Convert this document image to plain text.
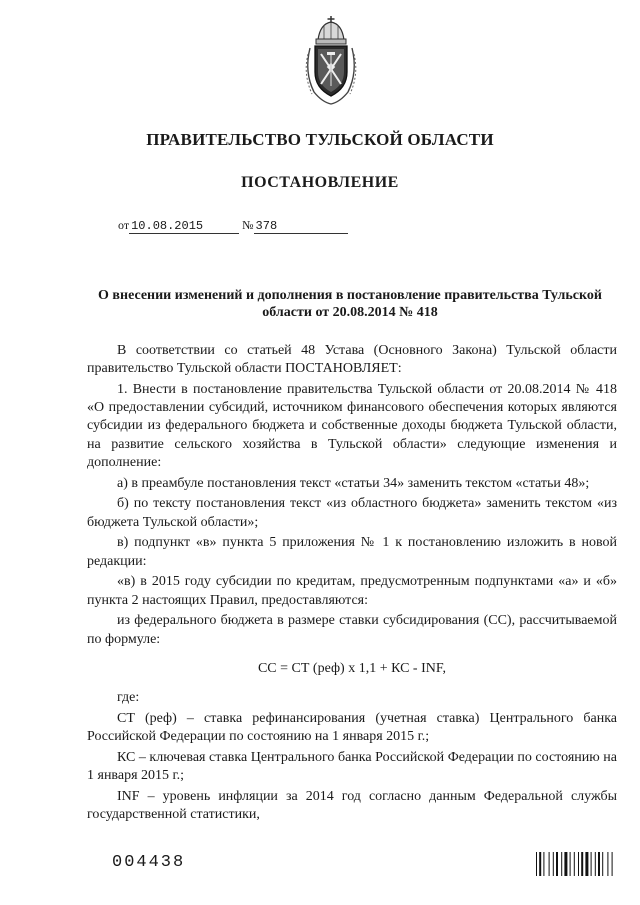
ПРАВИТЕЛЬСТВО ТУЛЬСКОЙ ОБЛАСТИ
ПОСТАНОВЛЕНИЕ
от 10.08.2015	№ 378
О внесении изменений и дополнения в постановление правительства Тульской области от 20.08.2014 № 418

В соответствии со статьей 48 Устава (Основного Закона) Тульской области правительство Тульской области ПОСТАНОВЛЯЕТ:

1. Внести в постановление правительства Тульской области от 20.08.2014 № 418 «О предоставлении субсидий, источником финансового обеспечения которых являются субсидии из федерального бюджета и собственные доходы бюджета Тульской области, на развитие сельского хозяйства в Тульской области» следующие изменения и дополнение:

а) в преамбуле постановления текст «статьи 34» заменить текстом «статьи 48»;

б) по тексту постановления текст «из областного бюджета» заменить текстом «из бюджета Тульской области»;

в) подпункт «в» пункта 5 приложения № 1 к постановлению изложить в новой редакции:

«в) в 2015 году субсидии по кредитам, предусмотренным подпунктами «а» и «б» пункта 2 настоящих Правил, предоставляются:

из федерального бюджета в размере ставки субсидирования (СС), рассчитываемой по формуле:

СС = СТ (реф) х 1,1 + КС - INF,

где:

СТ (реф) – ставка рефинансирования (учетная ставка) Центрального банка Российской Федерации по состоянию на 1 января 2015 г.;

КС – ключевая ставка Центрального банка Российской Федерации по состоянию на 1 января 2015 г.;

INF – уровень инфляции за 2014 год согласно данным Федеральной службы государственной статистики,

004438
